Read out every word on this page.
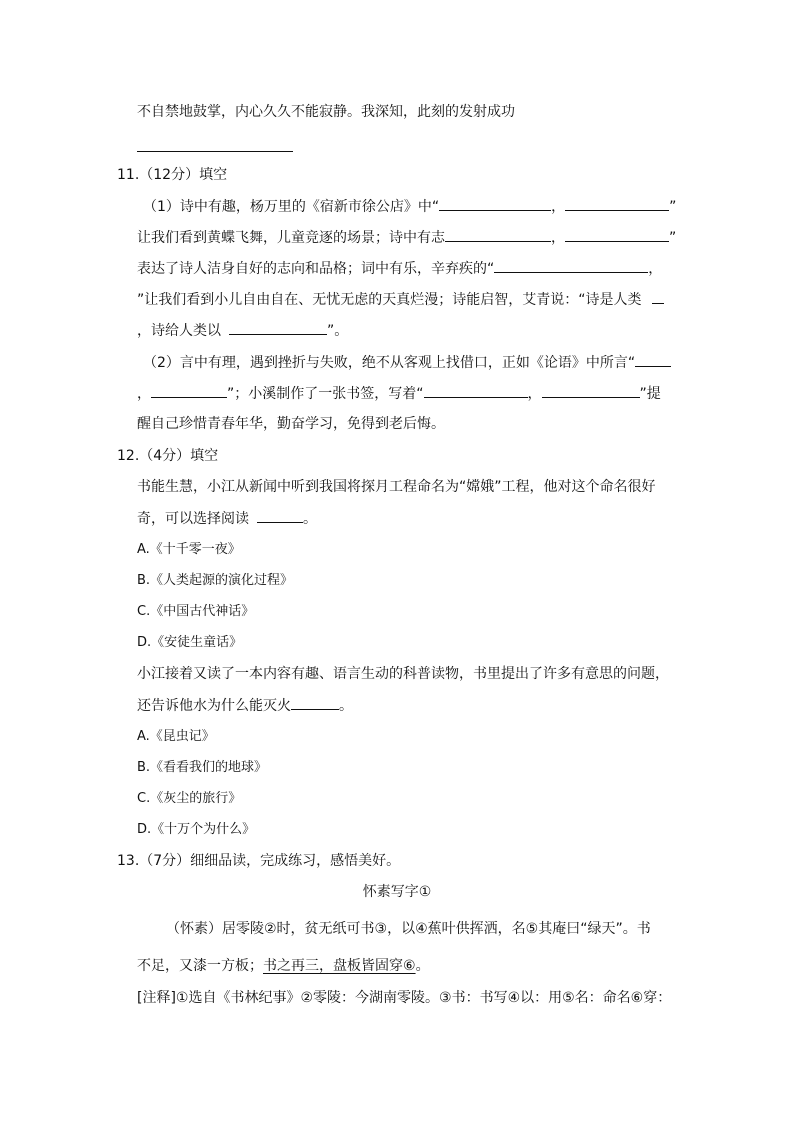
不自禁地鼓掌，内心久久不能寂静。我深知，此刻的发射成功
11.（12分）填空
（1）诗中有趣，杨万里的《宿新市徐公店》中“	，	”
让我们看到黄蝶飞舞，儿童竞逐的场景；诗中有志	，	”
表达了诗人洁身自好的志向和品格；词中有乐，辛弃疾的“	，
”让我们看到小儿自由自在、无忧无虑的天真烂漫；诗能启智，艾青说：“诗是人类
，诗给人类以	”。
（2）言中有理，遇到挫折与失败，绝不从客观上找借口，正如《论语》中所言“
，	”；小溪制作了一张书签，写着“	，	”提
醒自己珍惜青春年华，勤奋学习，免得到老后悔。
12.（4分）填空
书能生慧，小江从新闻中听到我国将探月工程命名为“嫦娥”工程，他对这个命名很好
奇，可以选择阅读	。
A.《十千零一夜》
B.《人类起源的演化过程》
C.《中国古代神话》
D.《安徒生童话》
小江接着又读了一本内容有趣、语言生动的科普读物，书里提出了许多有意思的问题，
还告诉他水为什么能灭火	。
A.《昆虫记》
B.《看看我们的地球》
C.《灰尘的旅行》
D.《十万个为什么》
13.（7分）细细品读，完成练习，感悟美好。
怀素写字①
（怀素）居零陵②时，贫无纸可书③，以④蕉叶供挥洒，名⑤其庵曰“绿天”。书
不足，又漆一方板；书之再三，盘板皆固穿⑥。
[注释]①选自《书林纪事》②零陵：今湖南零陵。③书：书写④以：用⑤名：命名⑥穿：
